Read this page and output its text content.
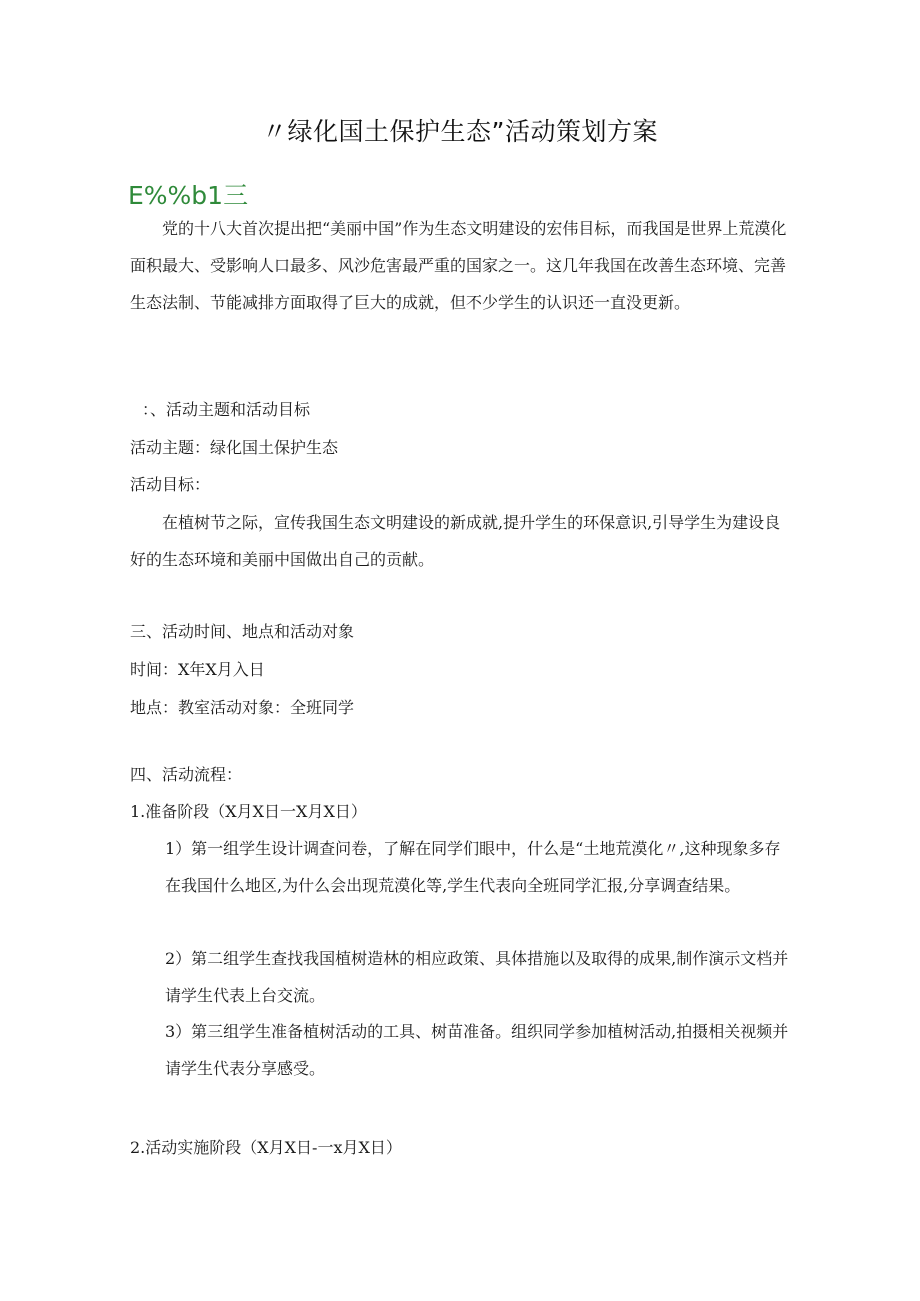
〃绿化国土保护生态”活动策划方案
E%%b1三
党的十八大首次提出把“美丽中国”作为生态文明建设的宏伟目标，而我国是世界上荒漠化面积最大、受影响人口最多、风沙危害最严重的国家之一。这几年我国在改善生态环境、完善生态法制、节能减排方面取得了巨大的成就，但不少学生的认识还一直没更新。
：、活动主题和活动目标
活动主题：绿化国土保护生态
活动目标：
在植树节之际，宣传我国生态文明建设的新成就,提升学生的环保意识,引导学生为建设良好的生态环境和美丽中国做出自己的贡献。
三、活动时间、地点和活动对象
时间：X年X月入日
地点：教室活动对象：全班同学
四、活动流程：
1.准备阶段（X月X日一X月X日）
1）第一组学生设计调查问卷，了解在同学们眼中，什么是“土地荒漠化〃,这种现象多存在我国什么地区,为什么会出现荒漠化等,学生代表向全班同学汇报,分享调查结果。
2）第二组学生查找我国植树造林的相应政策、具体措施以及取得的成果,制作演示文档并请学生代表上台交流。
3）第三组学生准备植树活动的工具、树苗准备。组织同学参加植树活动,拍摄相关视频并请学生代表分享感受。
2.活动实施阶段（X月X日-一x月X日）
